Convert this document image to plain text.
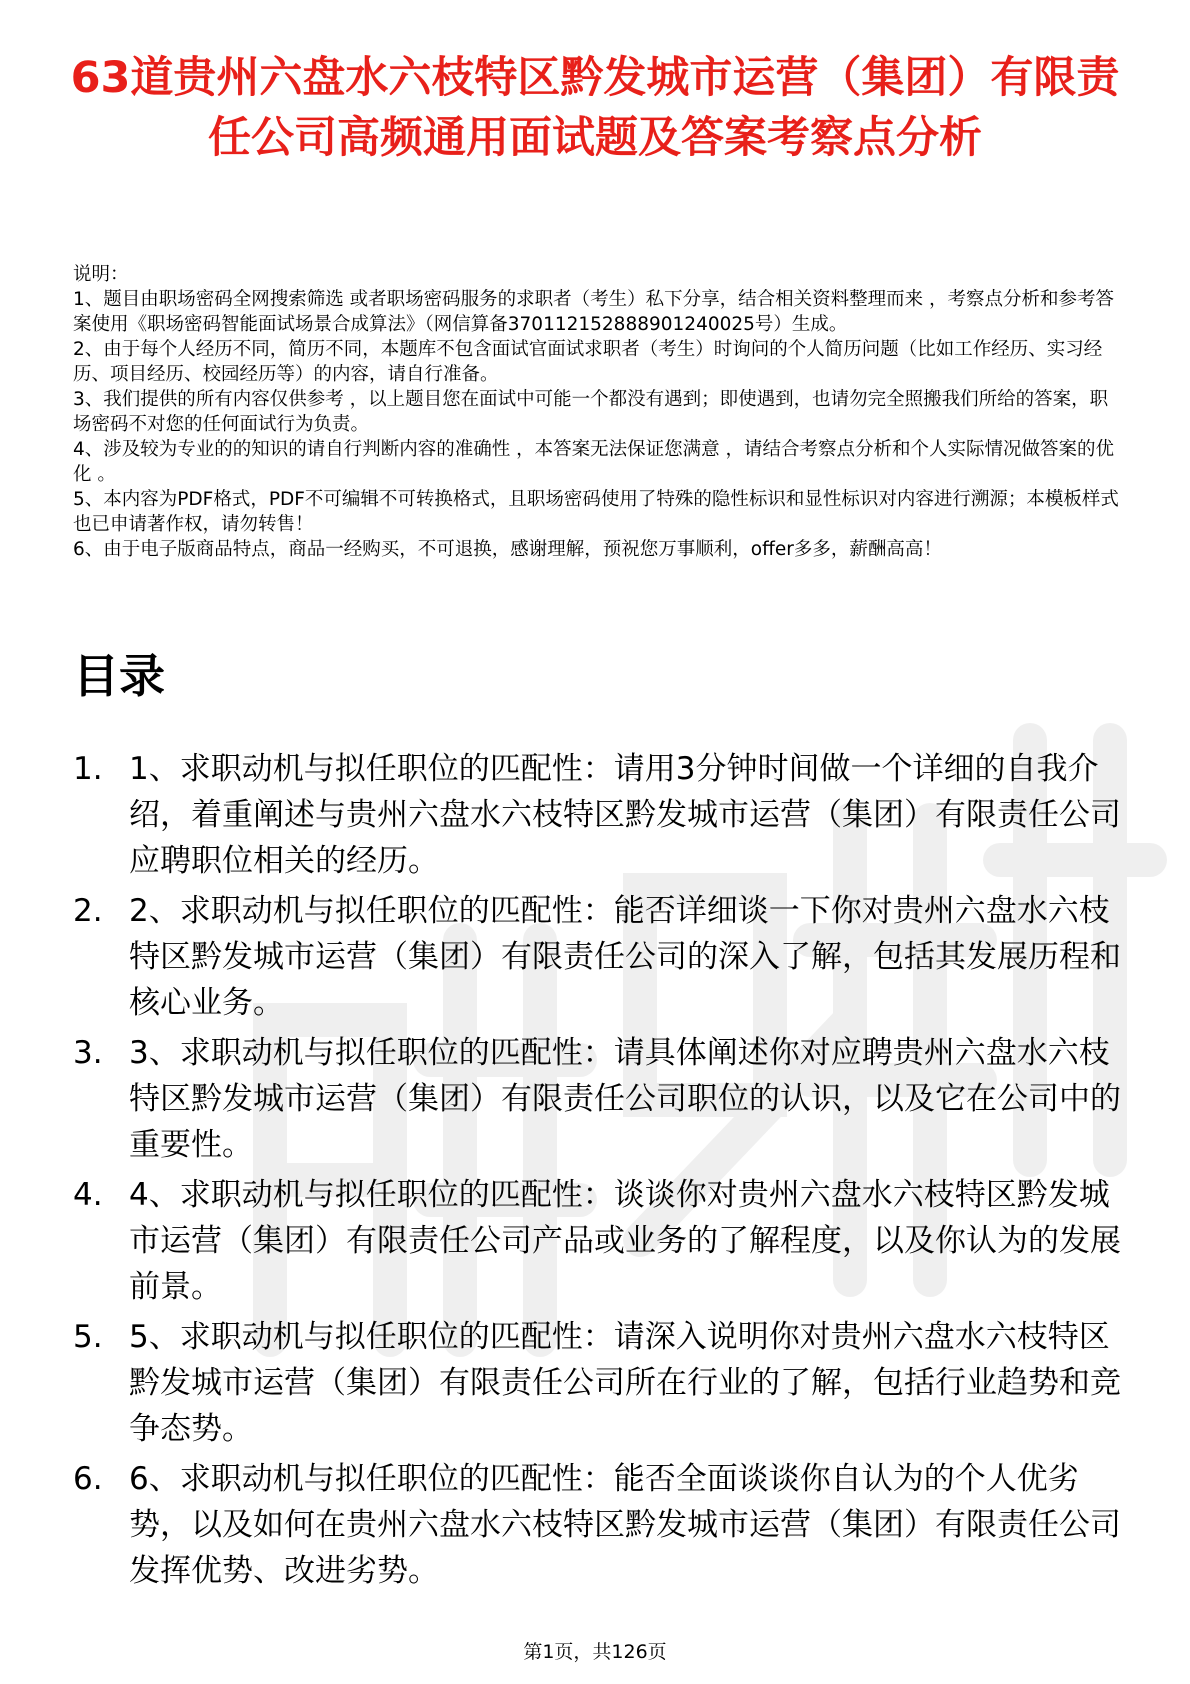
63道贵州六盘水六枝特区黔发城市运营（集团）有限责任公司高频通用面试题及答案考察点分析

说明：

1、题目由职场密码全网搜索筛选 或者职场密码服务的求职者（考生）私下分享，结合相关资料整理而来 ，考察点分析和参考答案使用《职场密码智能面试场景合成算法》（网信算备370112152888901240025号）生成。

2、由于每个人经历不同，简历不同，本题库不包含面试官面试求职者（考生）时询问的个人简历问题（比如工作经历、实习经历、项目经历、校园经历等）的内容，请自行准备。

3、我们提供的所有内容仅供参考 ，以上题目您在面试中可能一个都没有遇到；即使遇到，也请勿完全照搬我们所给的答案，职场密码不对您的任何面试行为负责。

4、涉及较为专业的的知识的请自行判断内容的准确性 ，本答案无法保证您满意 ，请结合考察点分析和个人实际情况做答案的优化 。

5、本内容为PDF格式，PDF不可编辑不可转换格式，且职场密码使用了特殊的隐性标识和显性标识对内容进行溯源；本模板样式也已申请著作权，请勿转售！

6、由于电子版商品特点，商品一经购买，不可退换，感谢理解，预祝您万事顺利，offer多多，薪酬高高！

目录
1. 1、求职动机与拟任职位的匹配性：请用3分钟时间做一个详细的自我介绍，着重阐述与贵州六盘水六枝特区黔发城市运营（集团）有限责任公司应聘职位相关的经历。
2. 2、求职动机与拟任职位的匹配性：能否详细谈一下你对贵州六盘水六枝特区黔发城市运营（集团）有限责任公司的深入了解，包括其发展历程和核心业务。
3. 3、求职动机与拟任职位的匹配性：请具体阐述你对应聘贵州六盘水六枝特区黔发城市运营（集团）有限责任公司职位的认识，以及它在公司中的重要性。
4. 4、求职动机与拟任职位的匹配性：谈谈你对贵州六盘水六枝特区黔发城市运营（集团）有限责任公司产品或业务的了解程度，以及你认为的发展前景。
5. 5、求职动机与拟任职位的匹配性：请深入说明你对贵州六盘水六枝特区黔发城市运营（集团）有限责任公司所在行业的了解，包括行业趋势和竞争态势。
6. 6、求职动机与拟任职位的匹配性：能否全面谈谈你自认为的个人优劣势，以及如何在贵州六盘水六枝特区黔发城市运营（集团）有限责任公司发挥优势、改进劣势。
第1页，共126页
